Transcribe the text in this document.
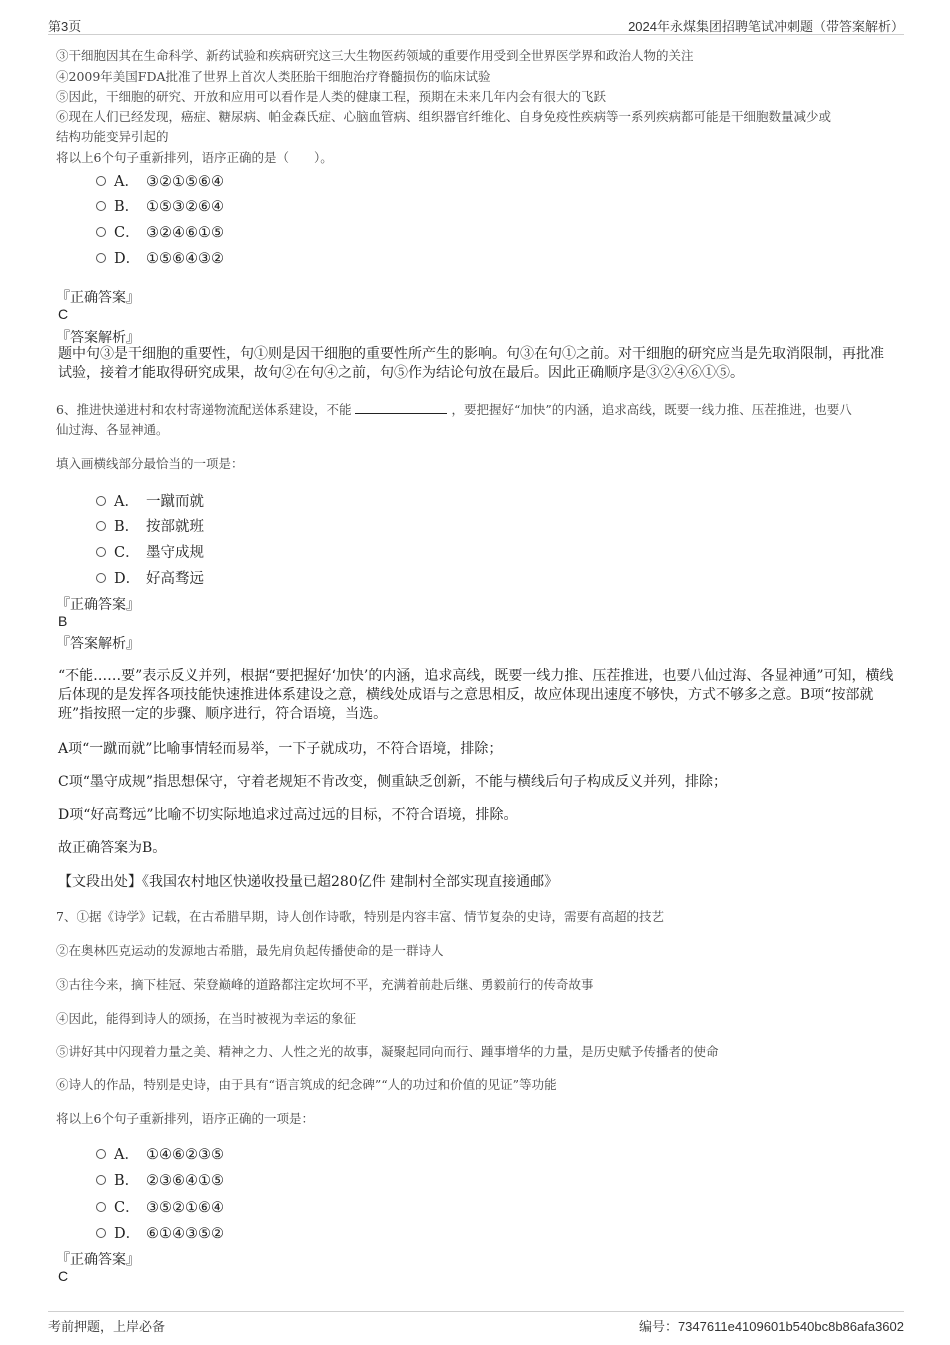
第3页	2024年永煤集团招聘笔试冲刺题（带答案解析）
③干细胞因其在生命科学、新药试验和疾病研究这三大生物医药领域的重要作用受到全世界医学界和政治人物的关注
④2009年美国FDA批准了世界上首次人类胚胎干细胞治疗脊髓损伤的临床试验
⑤因此，干细胞的研究、开放和应用可以看作是人类的健康工程，预期在未来几年内会有很大的飞跃
⑥现在人们已经发现，癌症、糖尿病、帕金森氏症、心脑血管病、组织器官纤维化、自身免疫性疾病等一系列疾病都可能是干细胞数量减少或
结构功能变异引起的
将以上6个句子重新排列，语序正确的是（　　）。
A． ③②①⑤⑥④
B． ①⑤③②⑥④
C． ③②④⑥①⑤
D． ①⑤⑥④③②
『正确答案』
C
『答案解析』
题中句③是干细胞的重要性，句①则是因干细胞的重要性所产生的影响。句③在句①之前。对干细胞的研究应当是先取消限制，再批准试验，接着才能取得研究成果，故句②在句④之前，句⑤作为结论句放在最后。因此正确顺序是③②④⑥①⑤。
6、推进快递进村和农村寄递物流配送体系建设，不能	，要把握好“加快”的内涵，追求高线，既要一线力推、压茬推进，也要八
仙过海、各显神通。
填入画横线部分最恰当的一项是：
A． 一蹴而就
B． 按部就班
C． 墨守成规
D． 好高骛远
『正确答案』
B
『答案解析』
“不能……要”表示反义并列，根据“要把握好‘加快’的内涵，追求高线，既要一线力推、压茬推进，也要八仙过海、各显神通”可知，横线后体现的是发挥各项技能快速推进体系建设之意，横线处成语与之意思相反，故应体现出速度不够快，方式不够多之意。B项“按部就班”指按照一定的步骤、顺序进行，符合语境，当选。
A项“一蹴而就”比喻事情轻而易举，一下子就成功，不符合语境，排除；
C项“墨守成规”指思想保守，守着老规矩不肯改变，侧重缺乏创新，不能与横线后句子构成反义并列，排除；
D项“好高骛远”比喻不切实际地追求过高过远的目标，不符合语境，排除。
故正确答案为B。
【文段出处】《我国农村地区快递收投量已超280亿件 建制村全部实现直接通邮》
7、①据《诗学》记载，在古希腊早期，诗人创作诗歌，特别是内容丰富、情节复杂的史诗，需要有高超的技艺
②在奥林匹克运动的发源地古希腊，最先肩负起传播使命的是一群诗人
③古往今来，摘下桂冠、荣登巅峰的道路都注定坎坷不平，充满着前赴后继、勇毅前行的传奇故事
④因此，能得到诗人的颂扬，在当时被视为幸运的象征
⑤讲好其中闪现着力量之美、精神之力、人性之光的故事，凝聚起同向而行、踵事增华的力量，是历史赋予传播者的使命
⑥诗人的作品，特别是史诗，由于具有“语言筑成的纪念碑”“人的功过和价值的见证”等功能
将以上6个句子重新排列，语序正确的一项是：
A． ①④⑥②③⑤
B． ②③⑥④①⑤
C． ③⑤②①⑥④
D． ⑥①④③⑤②
『正确答案』
C
考前押题，上岸必备	编号：7347611e4109601b540bc8b86afa3602
